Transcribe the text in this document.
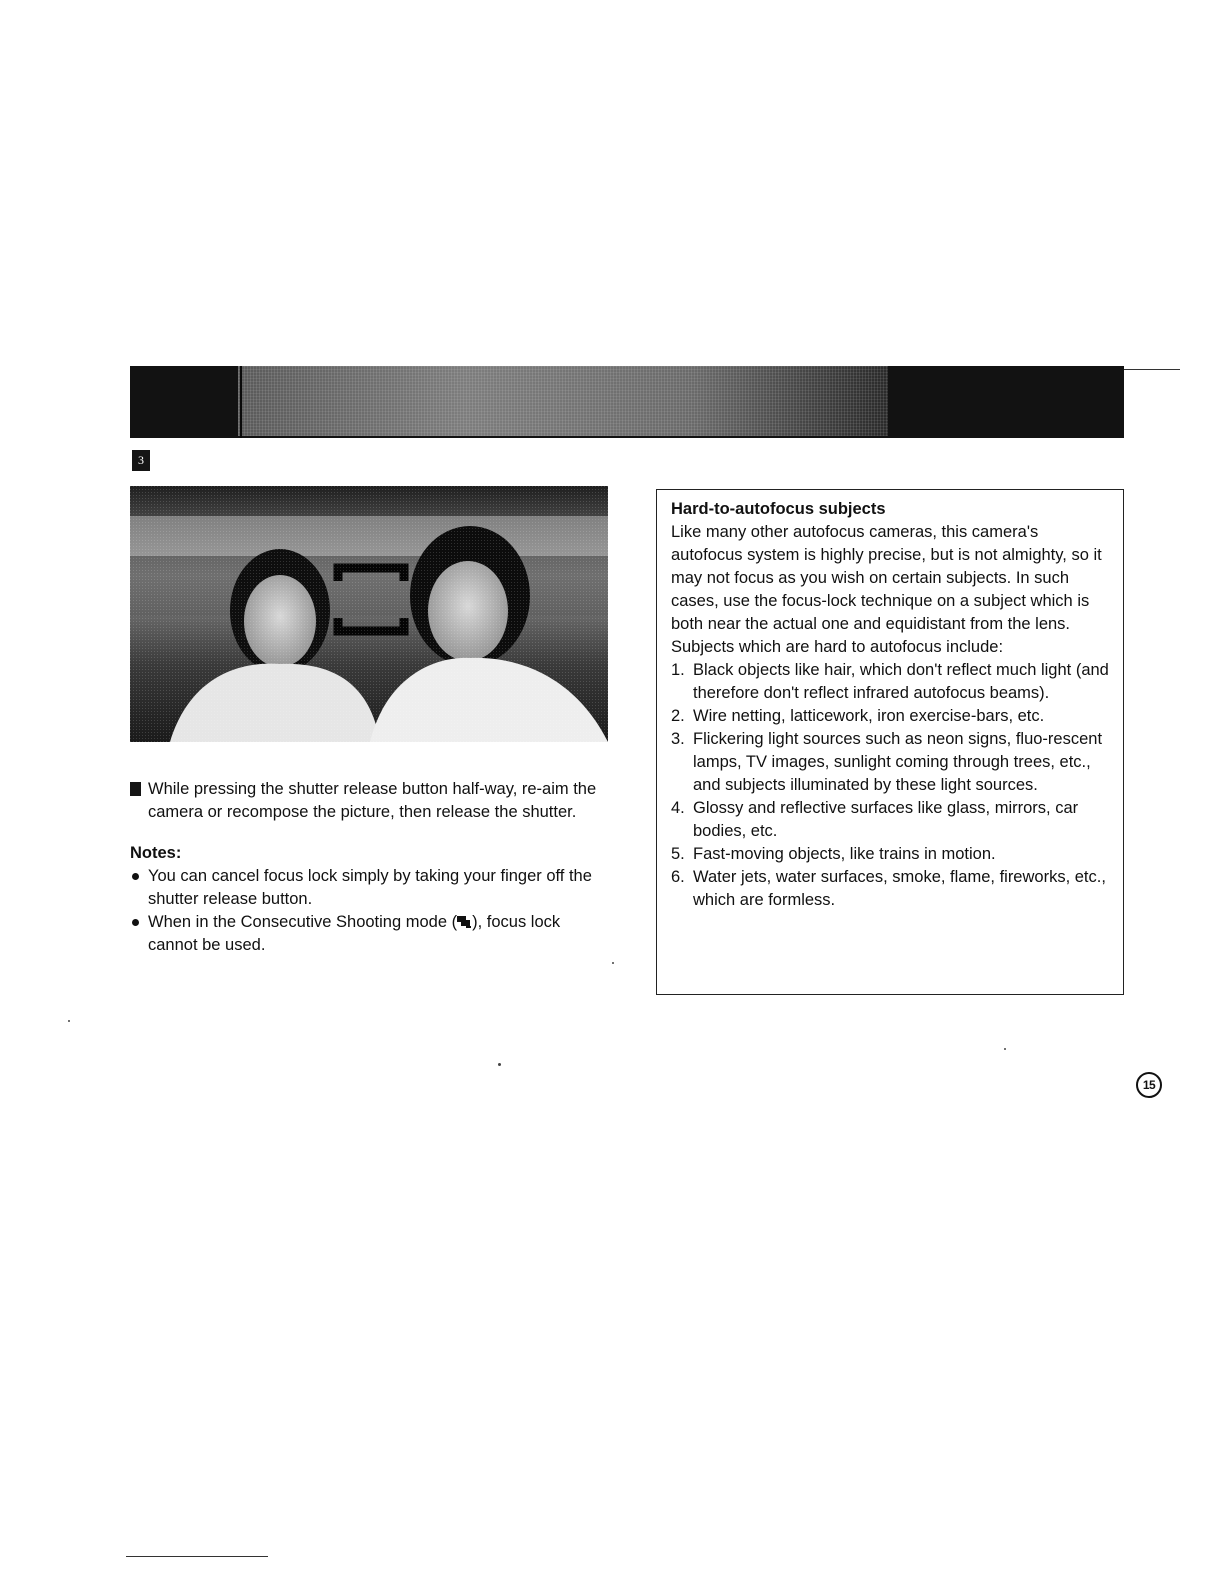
3
While pressing the shutter release button half-way, re-aim the camera or recompose the picture, then release the shutter.
Notes:
You can cancel focus lock simply by taking your finger off the shutter release button.
When in the Consecutive Shooting mode ( ), focus lock cannot be used.
Hard-to-autofocus subjects
Like many other autofocus cameras, this camera's autofocus system is highly precise, but is not almighty, so it may not focus as you wish on certain subjects. In such cases, use the focus-lock technique on a subject which is both near the actual one and equidistant from the lens.
Subjects which are hard to autofocus include:
1. Black objects like hair, which don't reflect much light (and therefore don't reflect infrared autofocus beams).
2. Wire netting, latticework, iron exercise-bars, etc.
3. Flickering light sources such as neon signs, fluo-rescent lamps, TV images, sunlight coming through trees, etc., and subjects illuminated by these light sources.
4. Glossy and reflective surfaces like glass, mirrors, car bodies, etc.
5. Fast-moving objects, like trains in motion.
6. Water jets, water surfaces, smoke, flame, fireworks, etc., which are formless.
15
